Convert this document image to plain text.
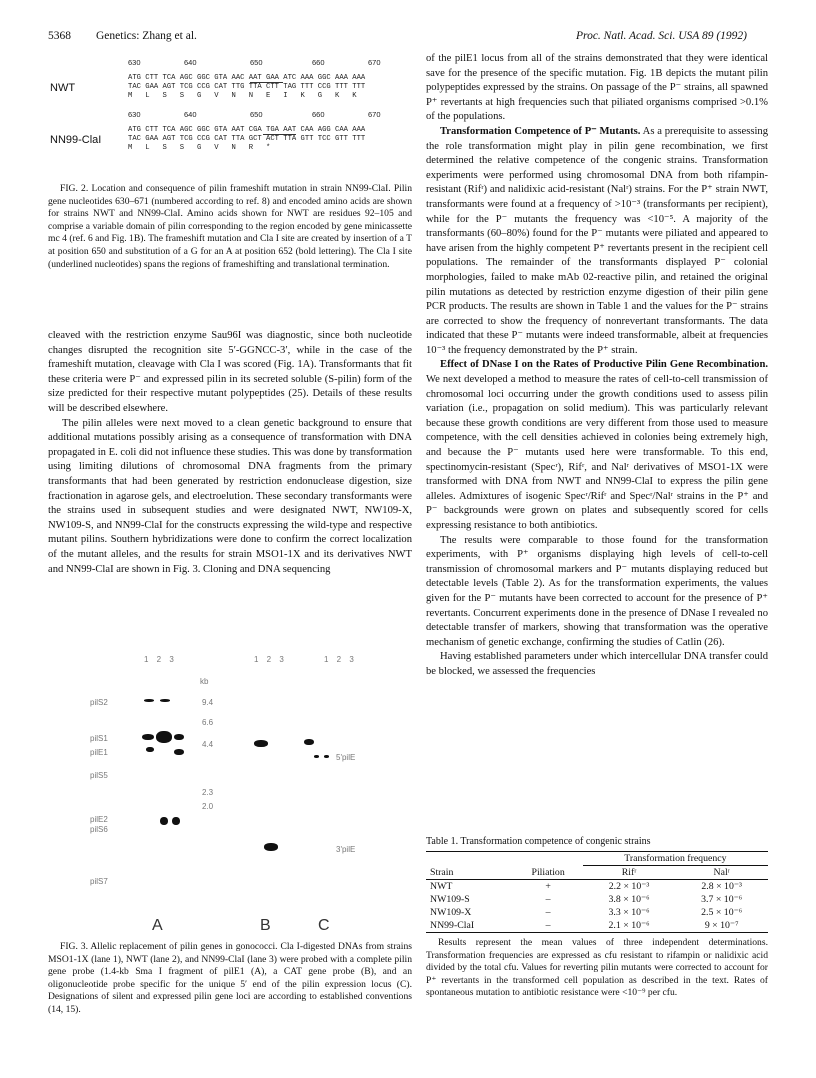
5368 Genetics: Zhang et al.	Proc. Natl. Acad. Sci. USA 89 (1992)
630	640	650	660	670
NWT
ATG CTT TCA AGC GGC GTA AAC AAT GAA ATC AAA GGC AAA AAA
TAC GAA AGT TCG CCG CAT TTG TTA CTT TAG TTT CCG TTT TTT
M   L   S   S   G   V   N   N   E   I   K   G   K   K
630	640	650	660	670
NN99-ClaI
ATG CTT TCA AGC GGC GTA AAT CGA TGA AAT CAA AGG CAA AAA
TAC GAA AGT TCG CCG CAT TTA GCT ACT TTA GTT TCC GTT TTT
M   L   S   S   G   V   N   R   *

FIG. 2. Location and consequence of pilin frameshift mutation in strain NN99-ClaI. Pilin gene nucleotides 630–671 (numbered according to ref. 8) and encoded amino acids are shown for strains NWT and NN99-ClaI. Amino acids shown for NWT are residues 92–105 and comprise a variable domain of pilin corresponding to the region encoded by gene minicassette mc 4 (ref. 6 and Fig. 1B). The frameshift mutation and Cla I site are created by insertion of a T at position 650 and substitution of a G for an A at position 652 (bold lettering). The Cla I site (underlined nucleotides) spans the regions of frameshifting and translational termination.

cleaved with the restriction enzyme Sau96I was diagnostic, since both nucleotide changes disrupted the recognition site 5′-GGNCC-3′, while in the case of the frameshift mutation, cleavage with Cla I was scored (Fig. 1A). Transformants that fit these criteria were P⁻ and expressed pilin in its secreted soluble (S-pilin) form of the size predicted for their respective mutant polypeptides (25). Details of these results will be described elsewhere.

The pilin alleles were next moved to a clean genetic background to ensure that additional mutations possibly arising as a consequence of transformation with DNA propagated in E. coli did not influence these studies. This was done by transformation using limiting dilutions of chromosomal DNA fragments from the primary transformants that had been generated by restriction endonuclease digestion, size fractionation in agarose gels, and electroelution. These secondary transformants were the strains used in subsequent studies and were designated NWT, NW109-X, NW109-S, and NN99-ClaI for the constructs expressing the wild-type and respective mutant pilins. Southern hybridizations were done to confirm the correct localization of the mutant alleles, and the results for strain MSO1-1X and its derivatives NWT and NN99-ClaI are shown in Fig. 3. Cloning and DNA sequencing

1 2 3	1 2 3	1 2 3
kb
9.4
6.6
4.4
2.3
2.0
pilS2
pilS1
pilE1
pilS5
pilE2
pilS6
pilS7
5'pilE
3'pilE
A	B	C

FIG. 3. Allelic replacement of pilin genes in gonococci. Cla I-digested DNAs from strains MSO1-1X (lane 1), NWT (lane 2), and NN99-ClaI (lane 3) were probed with a complete pilin gene probe (1.4-kb Sma I fragment of pilE1 (A), a CAT gene probe (B), and an oligonucleotide probe specific for the unique 5′ end of the pilin expression locus (C). Designations of silent and expressed pilin gene loci are according to established conventions (14, 15).

of the pilE1 locus from all of the strains demonstrated that they were identical save for the presence of the specific mutation. Fig. 1B depicts the mutant pilin polypeptides expressed by the strains. On passage of the P⁻ strains, all spawned P⁺ revertants at high frequencies such that piliated organisms comprised >0.1% of the populations.

Transformation Competence of P⁻ Mutants. As a prerequisite to assessing the role transformation might play in pilin gene recombination, we first determined the relative competence of the congenic strains. Transformation experiments were performed using chromosomal DNA from both rifampin-resistant (Rifʳ) and nalidixic acid-resistant (Nalʳ) strains. For the P⁺ strain NWT, transformants were found at a frequency of >10⁻³ (transformants per recipient), while for the P⁻ mutants the frequency was <10⁻⁵. A majority of the transformants (60–80%) found for the P⁻ mutants were piliated and appeared to have arisen from the highly competent P⁺ revertants present in the recipient cell populations. The remainder of the transformants displayed P⁻ colonial morphologies, failed to make mAb 02-reactive pilin, and retained the original pilin mutations as detected by restriction enzyme digestion of their pilin gene PCR products. The results are shown in Table 1 and the values for the P⁻ strains are corrected to show the frequency of nonrevertant transformants. The data indicated that these P⁻ mutants were indeed transformable, albeit at frequencies 10⁻³ the frequency demonstrated by the P⁺ strain.

Effect of DNase I on the Rates of Productive Pilin Gene Recombination. We next developed a method to measure the rates of cell-to-cell transmission of chromosomal loci occurring under the growth conditions used to assess pilin variation (i.e., propagation on solid medium). This was particularly relevant because these growth conditions are very different from those used to measure competence, with the cell densities achieved in colonies being extremely high, and because the P⁻ mutants used here were transformable. To this end, spectinomycin-resistant (Specʳ), Rifʳ, and Nalʳ derivatives of MSO1-1X were transformed with DNA from NWT and NN99-ClaI to express the pilin gene alleles. Admixtures of isogenic Specʳ/Rifʳ and Specʳ/Nalʳ strains in the P⁺ and P⁻ backgrounds were grown on plates and subsequently scored for cells expressing resistance to both antibiotics.

The results were comparable to those found for the transformation experiments, with P⁺ organisms displaying high levels of cell-to-cell transmission of chromosomal markers and P⁻ mutants displaying reduced but detectable levels (Table 2). As for the transformation experiments, the values given for the P⁻ mutants have been corrected to account for the presence of P⁺ revertants. Concurrent experiments done in the presence of DNase I revealed no detectable transfer of markers, showing that transformation was the operative mechanism of genetic exchange, confirming the studies of Catlin (26).

Having established parameters under which intercellular DNA transfer could be blocked, we assessed the frequencies

Table 1. Transformation competence of congenic strains
		Transformation frequency	
Strain	Piliation	Rifʳ	Nalʳ
NWT	+	2.2 × 10⁻³	2.8 × 10⁻³
NW109-S	–	3.8 × 10⁻⁶	3.7 × 10⁻⁶
NW109-X	–	3.3 × 10⁻⁶	2.5 × 10⁻⁶
NN99-ClaI	–	2.1 × 10⁻⁶	9 × 10⁻⁷

Results represent the mean values of three independent determinations. Transformation frequencies are expressed as cfu resistant to rifampin or nalidixic acid divided by the total cfu. Values for reverting pilin mutants were corrected to account for P⁺ revertants in the transformed cell population as described in the text. Rates of spontaneous mutation to antibiotic resistance were <10⁻⁹ per cfu.
